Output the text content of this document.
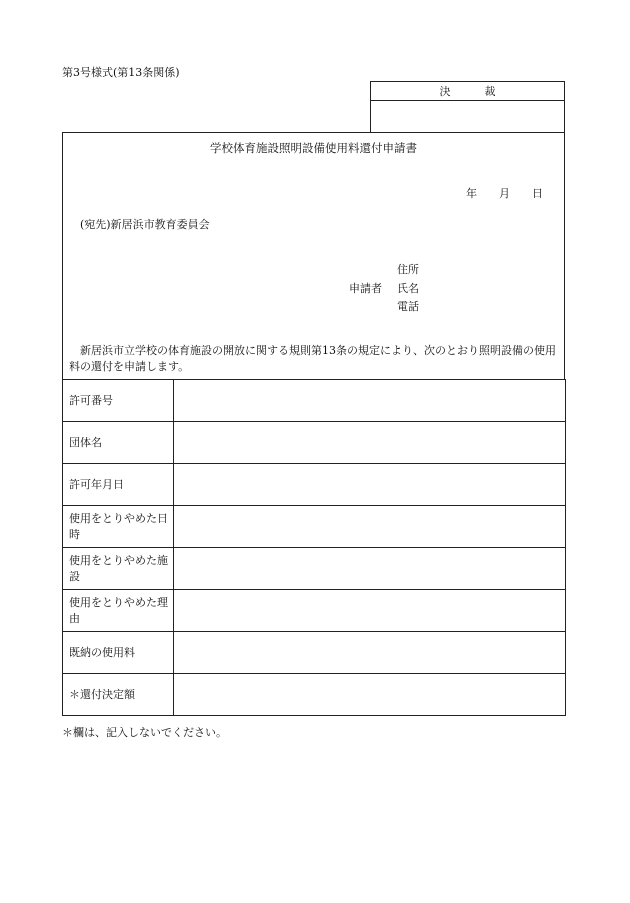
第3号様式(第13条関係)
決	裁
学校体育施設照明設備使用料還付申請書
年 月 日
(宛先)新居浜市教育委員会
申請者
住所
氏名
電話
新居浜市立学校の体育施設の開放に関する規則第13条の規定により、次のとおり照明設備の使用料の還付を申請します。
許可番号	
団体名	
許可年月日	
使用をとりやめた日時	
使用をとりやめた施設	
使用をとりやめた理由	
既納の使用料	
＊還付決定額	
＊欄は、記入しないでください。
